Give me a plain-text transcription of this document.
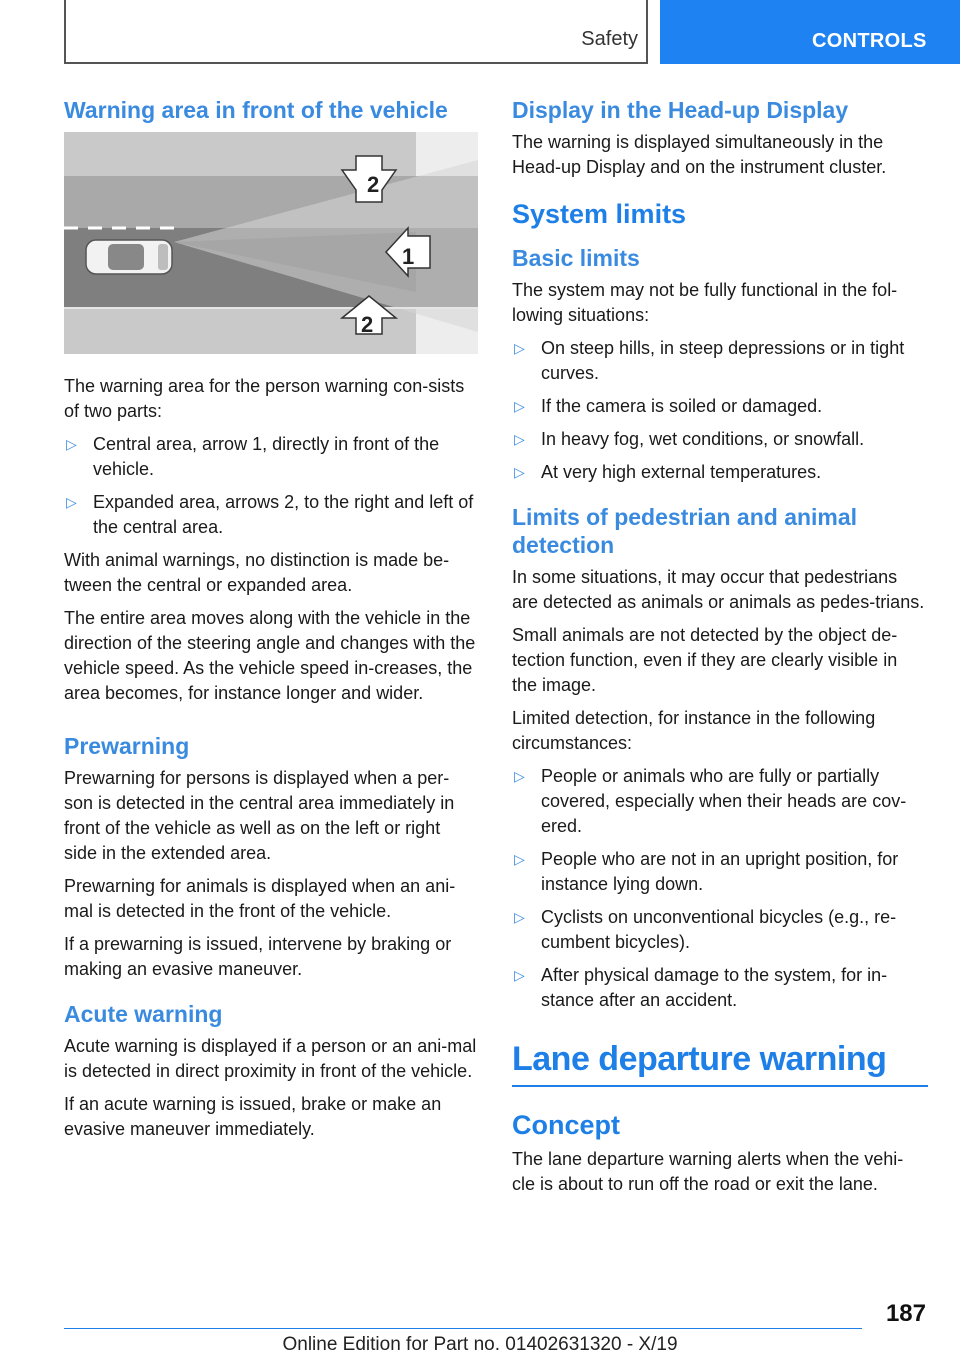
Safety	CONTROLS
Warning area in front of the vehicle
2
1
2

The warning area for the person warning con-sists of two parts:

▷ Central area, arrow 1, directly in front of the vehicle.
▷ Expanded area, arrows 2, to the right and left of the central area.

With animal warnings, no distinction is made be-tween the central or expanded area.

The entire area moves along with the vehicle in the direction of the steering angle and changes with the vehicle speed. As the vehicle speed in-creases, the area becomes, for instance longer and wider.

Prewarning

Prewarning for persons is displayed when a per-son is detected in the central area immediately in front of the vehicle as well as on the left or right side in the extended area.

Prewarning for animals is displayed when an ani-mal is detected in the front of the vehicle.

If a prewarning is issued, intervene by braking or making an evasive maneuver.

Acute warning

Acute warning is displayed if a person or an ani-mal is detected in direct proximity in front of the vehicle.

If an acute warning is issued, brake or make an evasive maneuver immediately.

Display in the Head-up Display

The warning is displayed simultaneously in the Head-up Display and on the instrument cluster.

System limits
Basic limits

The system may not be fully functional in the fol-lowing situations:

▷ On steep hills, in steep depressions or in tight curves.
▷ If the camera is soiled or damaged.
▷ In heavy fog, wet conditions, or snowfall.
▷ At very high external temperatures.
Limits of pedestrian and animal detection

In some situations, it may occur that pedestrians are detected as animals or animals as pedes-trians.

Small animals are not detected by the object de-tection function, even if they are clearly visible in the image.

Limited detection, for instance in the following circumstances:

▷ People or animals who are fully or partially covered, especially when their heads are cov-ered.
▷ People who are not in an upright position, for instance lying down.
▷ Cyclists on unconventional bicycles (e.g., re-cumbent bicycles).
▷ After physical damage to the system, for in-stance after an accident.
Lane departure warning
Concept

The lane departure warning alerts when the vehi-cle is about to run off the road or exit the lane.

187
Online Edition for Part no. 01402631320 - X/19
